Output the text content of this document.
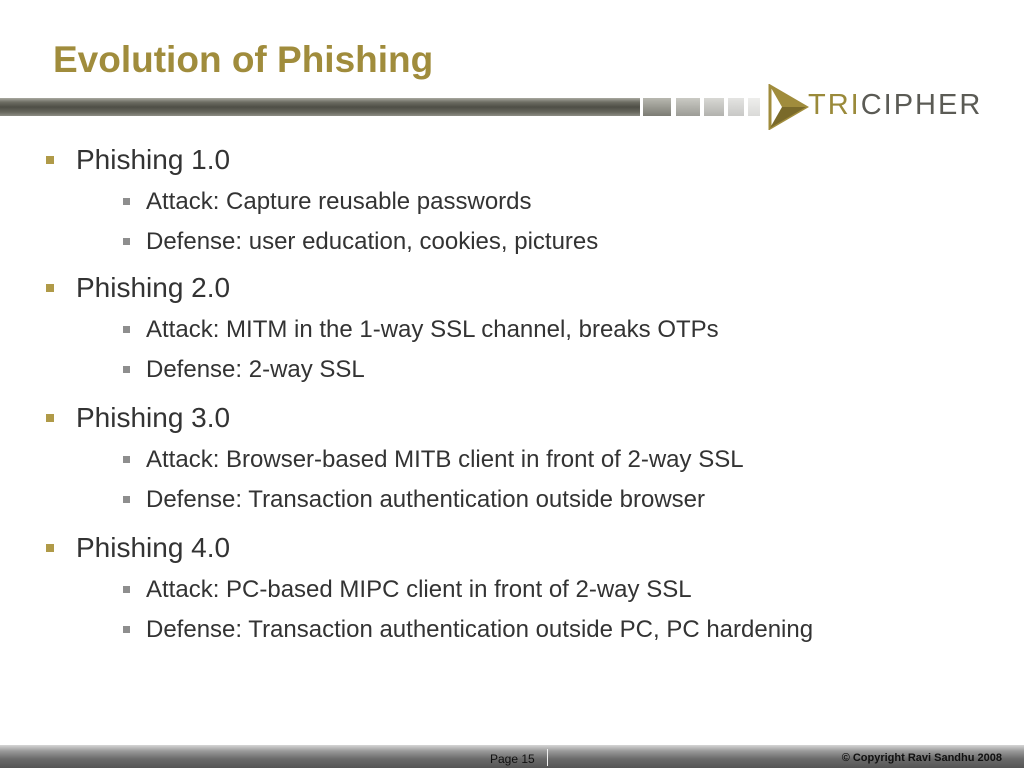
Evolution of Phishing
TRICIPHER
Phishing 1.0
Attack: Capture reusable passwords
Defense: user education, cookies, pictures
Phishing 2.0
Attack: MITM in the 1-way SSL channel, breaks OTPs
Defense: 2-way SSL
Phishing 3.0
Attack: Browser-based MITB client in front of 2-way SSL
Defense: Transaction authentication outside browser
Phishing 4.0
Attack: PC-based MIPC client in front of 2-way SSL
Defense: Transaction authentication outside PC, PC hardening
Page 15	© Copyright Ravi Sandhu 2008
